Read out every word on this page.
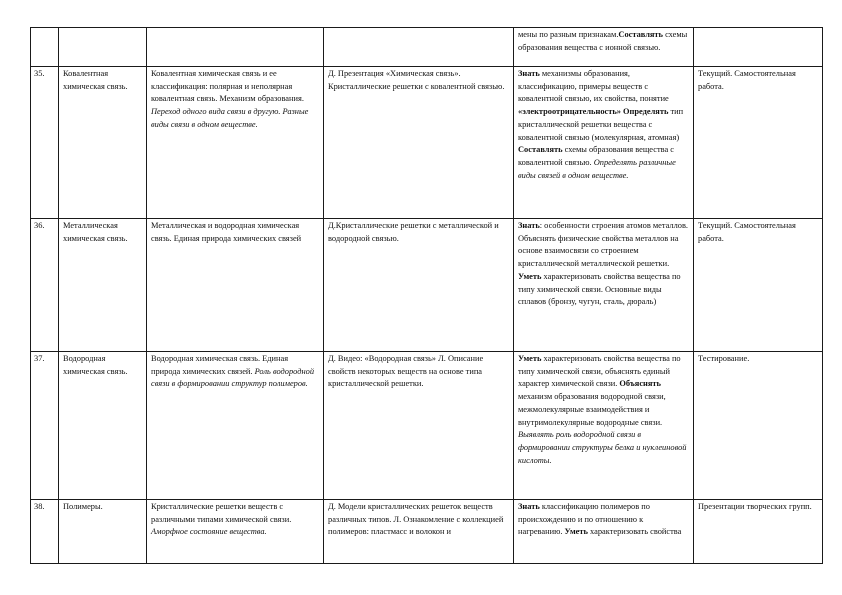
				мены по разным признакам.Составлять схемы образования вещества с ионной связью.	
35.	Ковалентная химическая связь.	Ковалентная химическая связь и ее классификация: полярная и неполярная ковалентная связь. Механизм образования. Переход одного вида связи в другую. Разные виды связи в одном веществе.	Д. Презентация «Химическая связь». Кристаллические решетки с ковалентной связью.	Знать механизмы образования, классификацию, примеры веществ с ковалентной связью, их свойства, понятие «электроотрицательность» Определять тип кристаллической решетки вещества с ковалентной связью (молекулярная, атомная) Составлять схемы образования вещества с ковалентной связью. Определять различные виды связей в одном веществе.	Текущий. Самостоятельная работа.
36.	Металлическая химическая связь.	Металлическая и водородная химическая связь. Единая природа химических связей	Д.Кристаллические решетки с металлической и водородной связью.	Знать: особенности строения атомов металлов. Объяснять физические свойства металлов на основе взаимосвязи со строением кристаллической металлической решетки. Уметь характеризовать свойства вещества по типу химической связи. Основные виды сплавов (бронзу, чугун, сталь, дюраль)	Текущий. Самостоятельная работа.
37.	Водородная химическая связь.	Водородная химическая связь. Единая природа химических связей. Роль водородной связи в формировании структур полимеров.	Д. Видео: «Водородная связь» Л. Описание свойств некоторых веществ на основе типа кристаллической решетки.	Уметь характеризовать свойства вещества по типу химической связи, объяснять единый характер химической связи. Объяснять механизм образования водородной связи, межмолекулярные взаимодействия и внутримолекулярные водородные связи. Выявлять роль водородной связи в формировании структуры белка и нуклеиновой кислоты.	Тестирование.
38.	Полимеры.	Кристаллические решетки веществ с различными типами химической связи. Аморфное состояние вещества.	Д. Модели кристаллических решеток веществ различных типов. Л. Ознакомление с коллекцией полимеров: пластмасс и волокон и	Знать классификацию полимеров по происхождению и по отношению к нагреванию. Уметь характеризовать свойства	Презентации творческих групп.
